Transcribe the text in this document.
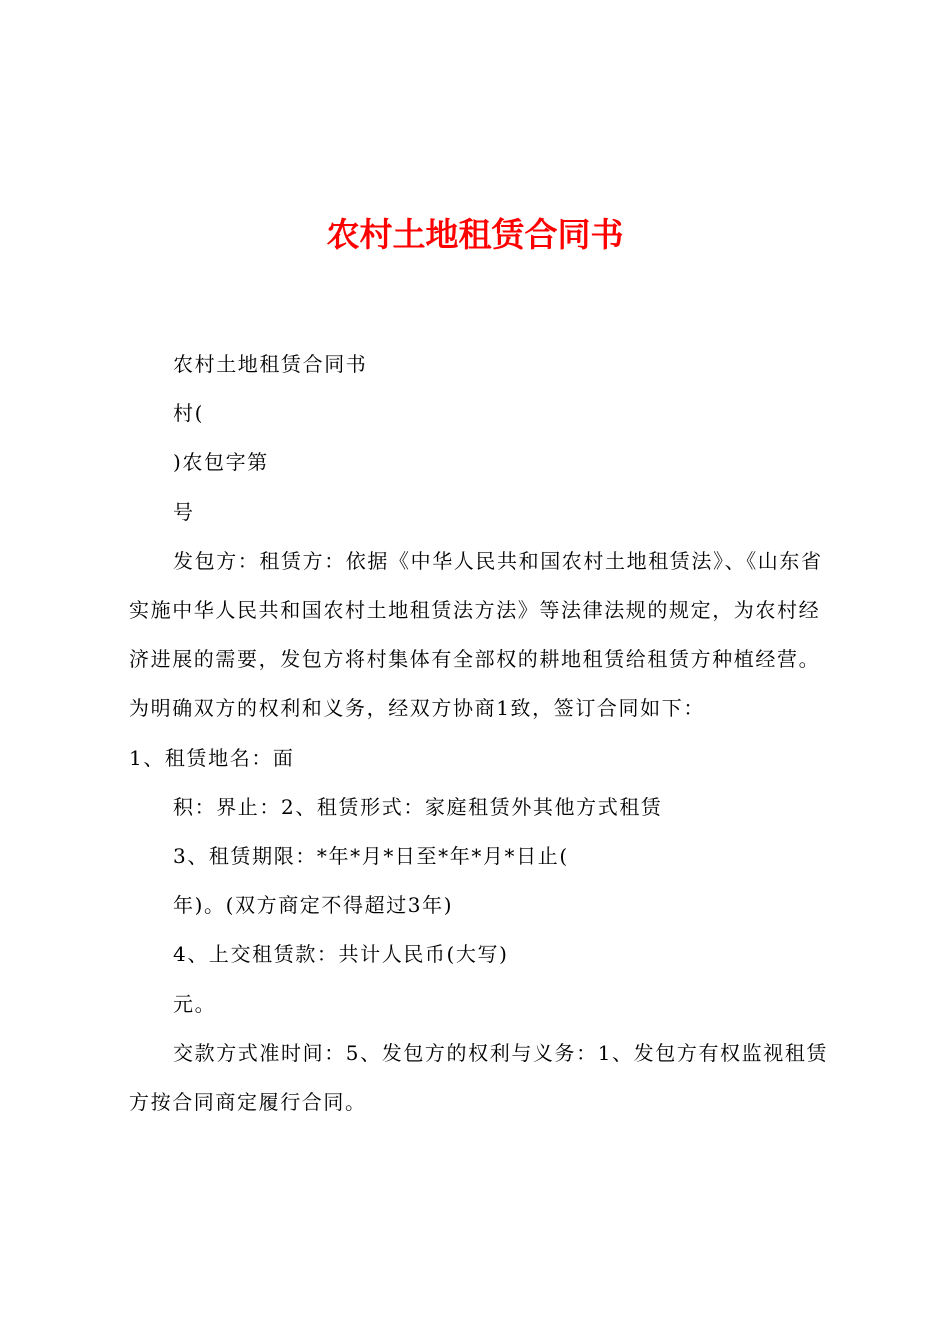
农村土地租赁合同书

农村土地租赁合同书

村(

)农包字第

号

发包方：租赁方：依据《中华人民共和国农村土地租赁法》、《山东省实施中华人民共和国农村土地租赁法方法》等法律法规的规定，为农村经济进展的需要，发包方将村集体有全部权的耕地租赁给租赁方种植经营。为明确双方的权利和义务，经双方协商1致，签订合同如下：

1、租赁地名：面

积：界止：2、租赁形式：家庭租赁外其他方式租赁

3、租赁期限：*年*月*日至*年*月*日止(

年)。(双方商定不得超过3年)

4、上交租赁款：共计人民币(大写)

元。

交款方式准时间：5、发包方的权利与义务：1、发包方有权监视租赁方按合同商定履行合同。
